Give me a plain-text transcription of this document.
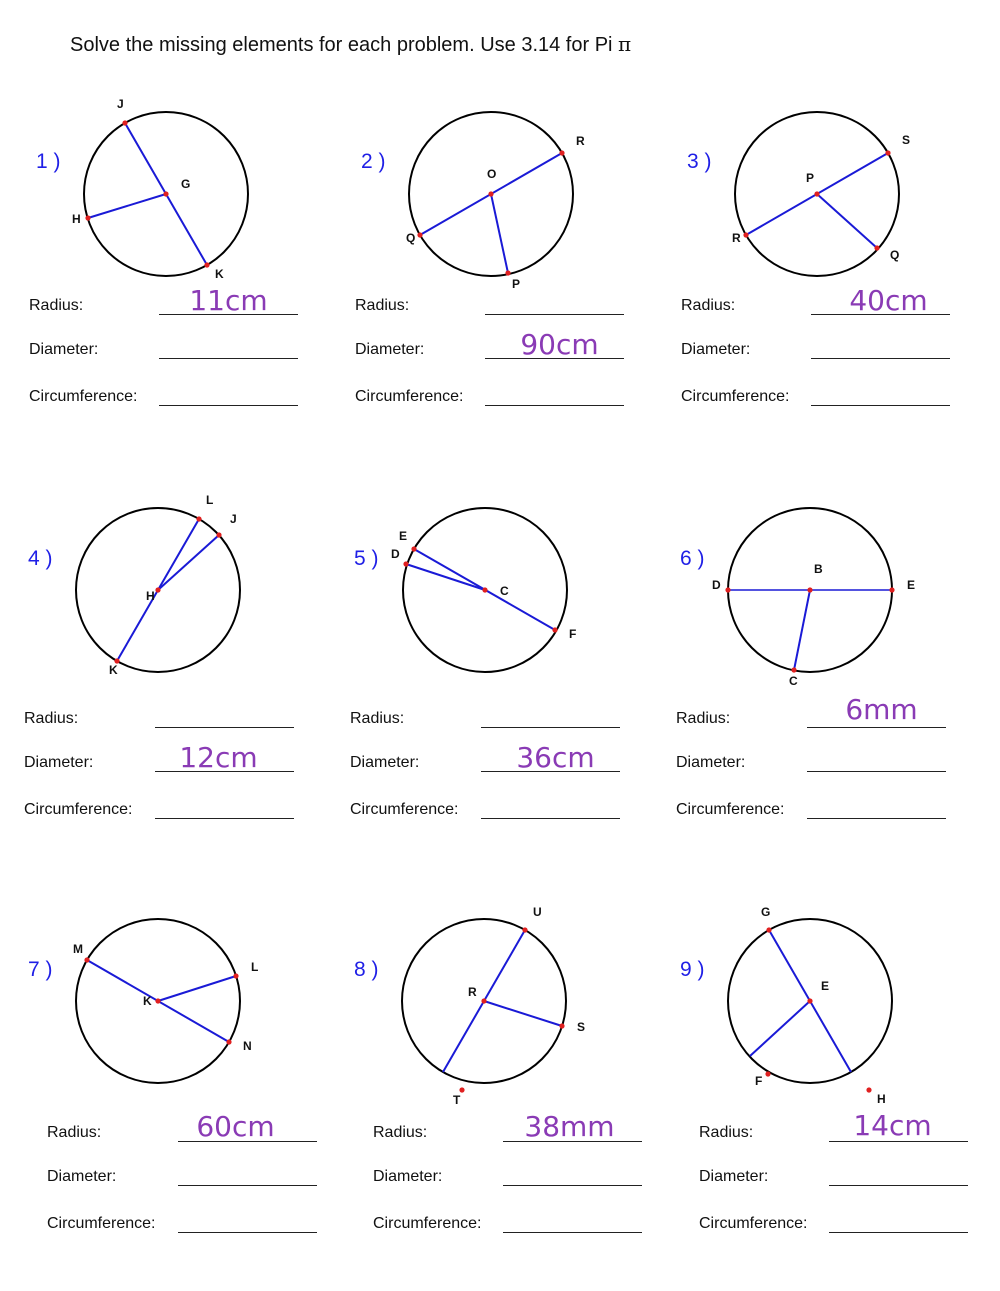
Solve the missing elements for each problem. Use 3.14 for Pi π
1 )
J
G
H
K
Radius:	11cm
Diameter:
Circumference:
2 )
R
O
Q
P
Radius:
Diameter:	90cm
Circumference:
3 )
S
P
R
Q
Radius:	40cm
Diameter:
Circumference:
4 )
L
J
H
K
Radius:
Diameter:	12cm
Circumference:
5 )
E
D
C
F
Radius:
Diameter:	36cm
Circumference:
6 )	B
D	E
C
Radius:	6mm
Diameter:
Circumference:
7 )
M
L
K
N
Radius:	60cm
Diameter:
Circumference:
8 )
U
R
S
T
Radius:	38mm
Diameter:
Circumference:
9 )
G
E
F
H
Radius:	14cm
Diameter:
Circumference:
